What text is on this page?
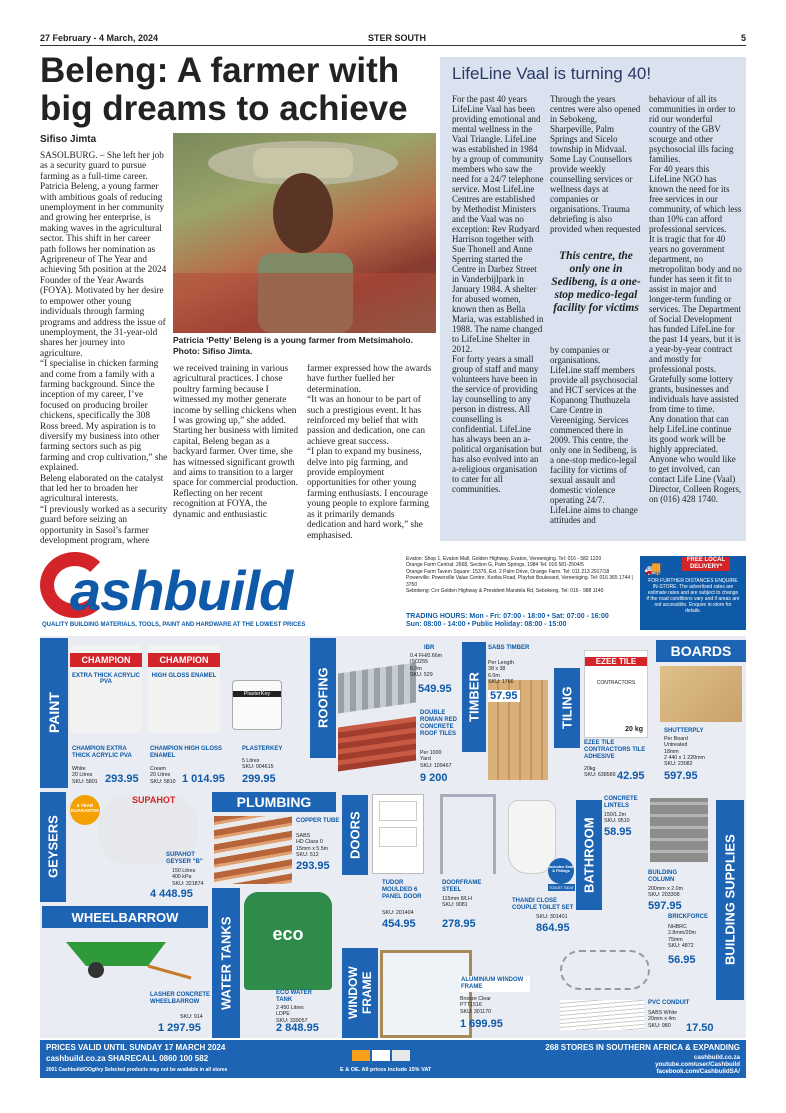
27 February - 4 March, 2024	STER SOUTH	5
Beleng: A farmer with big dreams to achieve
Sifiso Jimta
SASOLBURG. – She left her job as a security guard to pursue farming as a full-time career. Patricia Beleng, a young farmer with ambitious goals of reducing unemployment in her community and growing her enterprise, is making waves in the agricultural sector. This shift in her career path follows her nomination as Agripreneur of The Year and achieving 5th position at the 2024 Founder of the Year Awards (FOYA). Motivated by her desire to empower other young individuals through farming programs and address the issue of unemployment, the 31-year-old shares her journey into agriculture.
“I specialise in chicken farming and come from a family with a farming background. Since the inception of my career, I’ve focused on producing broiler chickens, specifically the 308 Ross breed. My aspiration is to diversify my business into other farming sectors such as pig farming and crop cultivation,” she explained.
Beleng elaborated on the catalyst that led her to broaden her agricultural interests.
“I previously worked as a security guard before seizing an opportunity in Sasol’s farmer development program, where
Patricia ‘Petty’ Beleng is a young farmer from Metsimaholo. Photo: Sifiso Jimta.
we received training in various agricultural practices. I chose poultry farming because I witnessed my mother generate income by selling chickens when I was growing up,” she added.
Starting her business with limited capital, Beleng began as a backyard farmer. Over time, she has witnessed significant growth and aims to transition to a larger space for commercial production.
Reflecting on her recent recognition at FOYA, the dynamic and enthusiastic
farmer expressed how the awards have further fuelled her determination.
“It was an honour to be part of such a prestigious event. It has reinforced my belief that with passion and dedication, one can achieve great success.
“I plan to expand my business, delve into pig farming, and provide employment opportunities for other young farming enthusiasts. I encourage young people to explore farming as it primarily demands dedication and hard work,” she emphasised.
LifeLine Vaal is turning 40!
For the past 40 years LifeLine Vaal has been providing emotional and mental wellness in the Vaal Triangle. LifeLine was established in 1984 by a group of community members who saw the need for a 24/7 telephone service. Most LifeLine Centres are established by Methodist Ministers and the Vaal was no exception: Rev Rudyard Harrison together with Sue Thonell and Anne Sperring started the Centre in Darbez Street in Vanderbijlpark in January 1984. A shelter for abused women, known then as Bella Maria, was established in 1988. The name changed to LifeLine Shelter in 2012.
For forty years a small group of staff and many volunteers have been in the service of providing lay counselling to any person in distress. All counselling is confidential. LifeLine has always been an a-political organisation but has also evolved into an a-religious organisation to cater for all communities.
Through the years centres were also opened in Sebokeng, Sharpeville, Palm Springs and Sicelo township in Midvaal. Some Lay Counsellors provide weekly counselling services or wellness days at companies or organisations. Trauma debriefing is also provided when requested
This centre, the only one in Sedibeng, is a one-stop medico-legal facility for victims
by companies or organisations.
LifeLine staff members provide all psychosocial and HCT services at the Kopanong Thuthuzela Care Centre in Vereeniging. Services commenced there in 2009. This centre, the only one in Sedibeng, is a one-stop medico-legal facility for victims of sexual assault and domestic violence operating 24/7.
LifeLine aims to change attitudes and
behaviour of all its communities in order to rid our wonderful country of the GBV scourge and other psychosocial ills facing families.
For 40 years this LifeLine NGO has known the need for its free services in our community, of which less than 10% can afford professional services.
It is tragic that for 40 years no government department, no metropolitan body and no funder has seen it fit to assist in major and longer-term funding or services. The Department of Social Development has funded LifeLine for the past 14 years, but it is a year-by-year contract and mostly for professional posts. Gratefully some lottery grants, businesses and individuals have assisted from time to time.
Any donation that can help LifeLine continue its good work will be highly appreciated. Anyone who would like to get involved, can contact Life Line (Vaal) Director, Colleen Rogers, on (016) 428 1740.
ashbuild
QUALITY BUILDING MATERIALS, TOOLS, PAINT AND HARDWARE AT THE LOWEST PRICES
Evaton: Shop 1, Evaton Mall, Golden Highway, Evaton, Vereeniging. Tel: 016 - 582 1220
Orange Farm Central: 2668, Section G, Palm Springs, 1984 Tel: 016 581-2504/5
Orange Farm Tavern Square: 15376, Ext. 2 Palm Drive, Orange Farm. Tel: 011 213 2917/18
Powerville: Powerville Value Centre, Koriba Road, Playfair Boulevard, Vereeniging. Tel: 016 365 1744 | 3750
Sebokeng: Cnr Golden Highway & President Mandela Rd, Sebokeng. Tel: 016 - 988 1140
TRADING HOURS: Mon - Fri: 07:00 - 18:00 • Sat: 07:00 - 16:00
Sun: 08:00 - 14:00 • Public Holiday: 08:00 - 15:00
FOR FURTHER DISTANCES ENQUIRE IN-STORE. The advertised rates are estimate rates and are subject to change if the road conditions vary and if areas are not accessible. Enquire in-store for details.
🚚	FREE LOCAL DELIVERY*
PAINT
CHAMPION
EXTRA THICK ACRYLIC PVA
CHAMPION
HIGH GLOSS ENAMEL
PlasterKey
CHAMPION EXTRA THICK ACRYLIC PVA
White
20 Litres
SKU: 5801 293.95
CHAMPION HIGH GLOSS ENAMEL
Cream
20 Litres
SKU: 5810 1 014.95
PLASTERKEY
5 Litres
SKU: 004615
299.95
ROOFING
IBR
0.4 FH/0.66m
ISO255
6.0m
SKU: 529
549.95
DOUBLE ROMAN RED CONCRETE ROOF TILES
Per 1000
Yard
SKU: 109467
9 200
TIMBER
SABS TIMBER
Per Length
38 x 38
6.0m
SKU: 1766
57.95	TILING
EZEE TILE
CONTRACTORS
20 kg
EZEE TILE CONTRACTORS TILE ADHESIVE
20kg
SKU: 638589 42.95
BOARDS
SHUTTERPLY
Per Board
Untreated
18mm
2 440 x 1 220mm
SKU: 23082
597.95
GEYSERS
5 YEAR GUARANTEE
SUPAHOT
SUPAHOT GEYSER "B"
150 Litres
400 kPa
SKU: 321874
4 448.95
PLUMBING
COPPER TUBE
SABS
HD Class 0
15mm x 5.5m
SKU: 512
293.95
DOORS
TUDOR MOULDED 6 PANEL DOOR
SKU: 201404
454.95
DOORFRAME STEEL
115mm 8/LH
SKU: 9081
278.95
Includes Seat & Fittings
TOILET SEAT
THANDI CLOSE COUPLE TOILET SET
SKU: 301401
864.95
BATHROOM
CONCRETE LINTELS
150/1.2m
SKU: 9510
58.95
BUILDING COLUMN
200mm x 2.0m
SKU: 203308
597.95	BUILDING SUPPLIES
WHEELBARROW
LASHER CONCRETE WHEELBARROW
SKU: 914
1 297.95
WATER TANKS	eco
ECO WATER TANK
2 450 Litres
LDPE
SKU: 339057
2 848.95
WINDOW FRAME	ALUMINIUM WINDOW FRAME
Bronze Clear
PTT1516
SKU: 301170
1 699.95
BRICKFORCE
NHBRC
2.8mm/20m
75mm
SKU: 4872
56.95
PVC CONDUIT
SABS White
20mm x 4m
SKU: 980	17.50
PRICES VALID UNTIL SUNDAY 17 MARCH 2024
cashbuild.co.za SHARECALL 0860 100 582
2001 Cashbuild/OOgilvy Selected products may not be available in all stores	E & OE. All prices include 15% VAT
268 STORES IN SOUTHERN AFRICA & EXPANDING
cashbuild.co.za
youtube.com/user/Cashbuild
facebook.com/CashbuildSA/
